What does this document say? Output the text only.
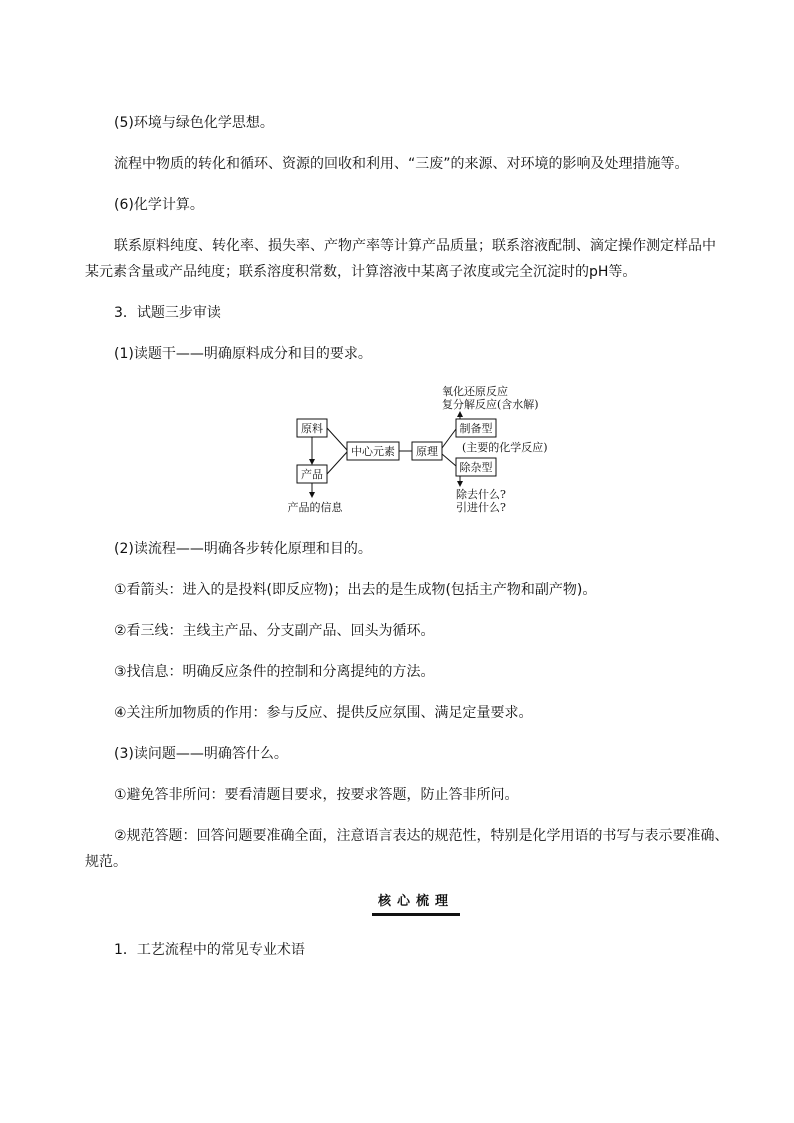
(5)环境与绿色化学思想。
流程中物质的转化和循环、资源的回收和利用、“三废”的来源、对环境的影响及处理措施等。
(6)化学计算。
联系原料纯度、转化率、损失率、产物产率等计算产品质量；联系溶液配制、滴定操作测定样品中
某元素含量或产品纯度；联系溶度积常数，计算溶液中某离子浓度或完全沉淀时的pH等。
3．试题三步审读
(1)读题干——明确原料成分和目的要求。
原料
产品
产品的信息
中心元素 原理
制备型
氧化还原反应
复分解反应(含水解)
(主要的化学反应)
除杂型
除去什么?
引进什么?
(2)读流程——明确各步转化原理和目的。
①看箭头：进入的是投料(即反应物)；出去的是生成物(包括主产物和副产物)。
②看三线：主线主产品、分支副产品、回头为循环。
③找信息：明确反应条件的控制和分离提纯的方法。
④关注所加物质的作用：参与反应、提供反应氛围、满足定量要求。
(3)读问题——明确答什么。
①避免答非所问：要看清题目要求，按要求答题，防止答非所问。
②规范答题：回答问题要准确全面，注意语言表达的规范性，特别是化学用语的书写与表示要准确、
规范。
核心梳理
1．工艺流程中的常见专业术语
